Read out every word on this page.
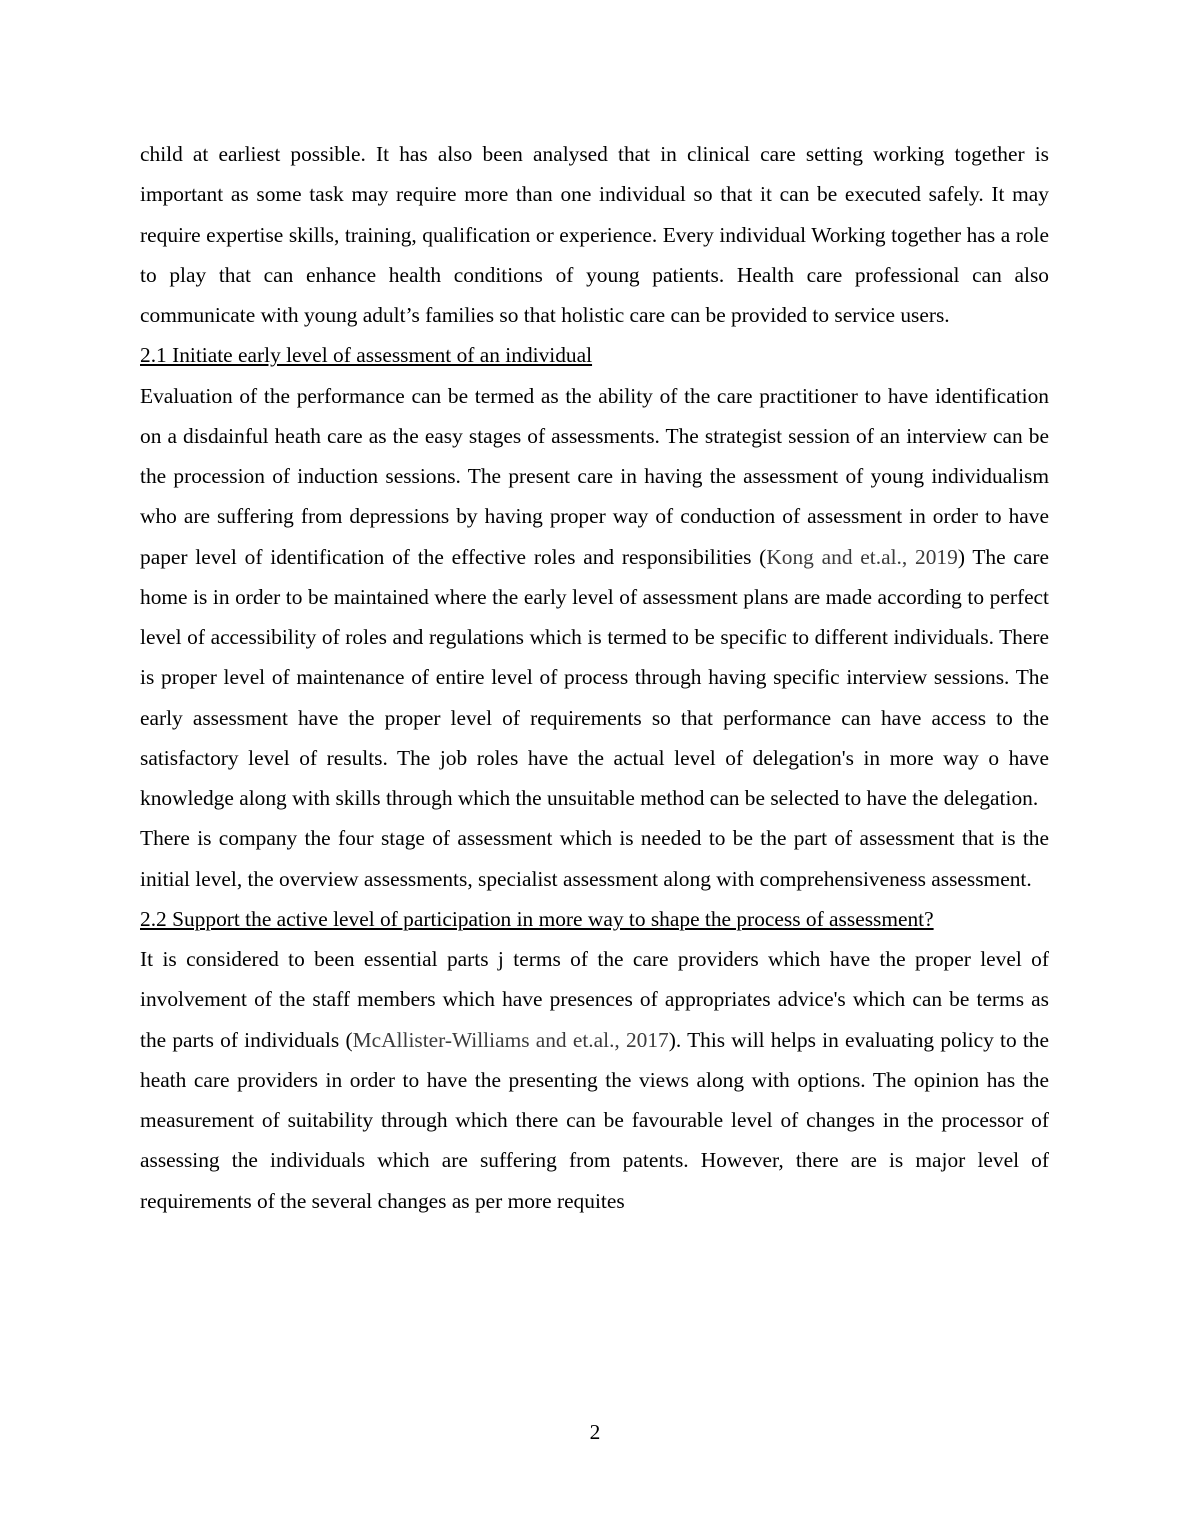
child at earliest possible. It has also been analysed that in clinical care setting working together is important as some task may require more than one individual so that it can be executed safely. It may require expertise skills, training, qualification or experience. Every individual Working together has a role to play that can enhance health conditions of young patients. Health care professional can also communicate with young adult’s families so that holistic care can be provided to service users.

2.1 Initiate early level of assessment of an individual

Evaluation of the performance can be termed as the ability of the care practitioner to have identification on a disdainful heath care as the easy stages of assessments. The strategist session of an interview can be the procession of induction sessions. The present care in having the assessment of young individualism who are suffering from depressions by having proper way of conduction of assessment in order to have paper level of identification of the effective roles and responsibilities (Kong and et.al., 2019) The care home is in order to be maintained where the early level of assessment plans are made according to perfect level of accessibility of roles and regulations which is termed to be specific to different individuals. There is proper level of maintenance of entire level of process through having specific interview sessions. The early assessment have the proper level of requirements so that performance can have access to the satisfactory level of results. The job roles have the actual level of delegation's in more way o have knowledge along with skills through which the unsuitable method can be selected to have the delegation.

There is company the four stage of assessment which is needed to be the part of assessment that is the initial level, the overview assessments, specialist assessment along with comprehensiveness assessment.

2.2 Support the active level of participation in more way to shape the process of assessment?

It is considered to been essential parts j terms of the care providers which have the proper level of involvement of the staff members which have presences of appropriates advice's which can be terms as the parts of individuals (McAllister-Williams and et.al., 2017). This will helps in evaluating policy to the heath care providers in order to have the presenting the views along with options. The opinion has the measurement of suitability through which there can be favourable level of changes in the processor of assessing the individuals which are suffering from patents. However, there are is major level of requirements of the several changes as per more requites

2
